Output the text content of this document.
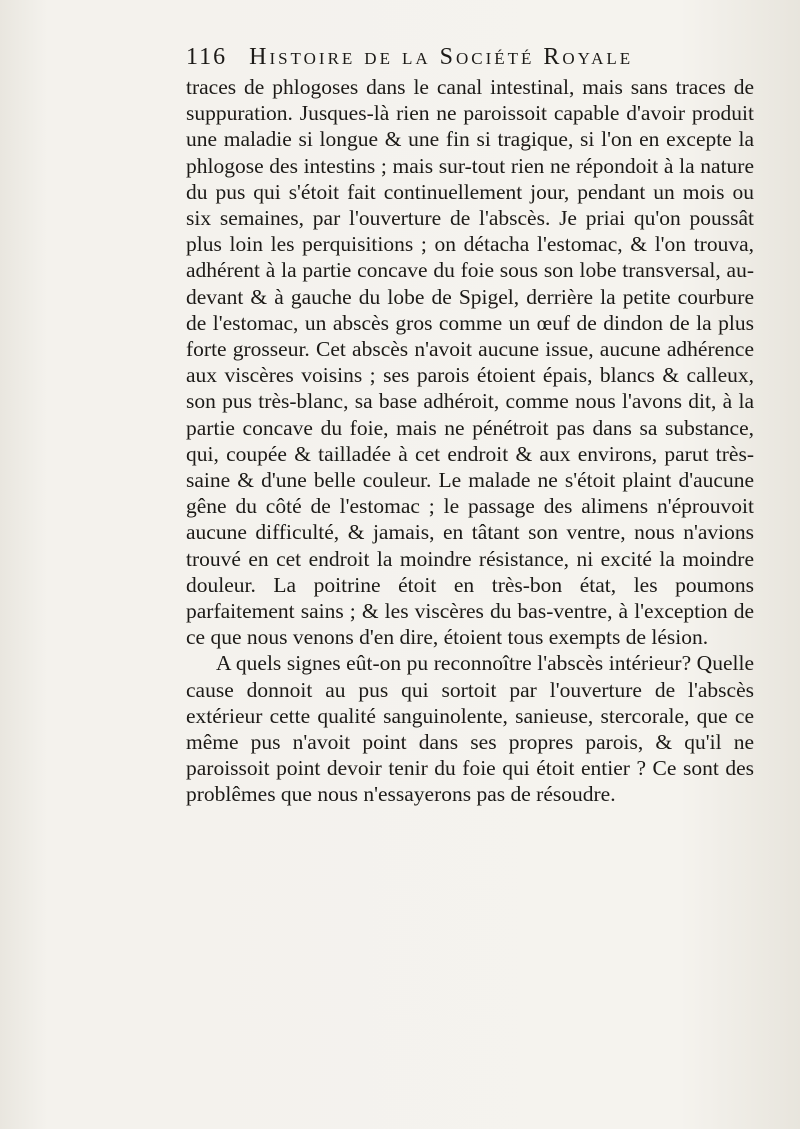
116 Histoire de la Société Royale

traces de phlogoses dans le canal intestinal, mais sans traces de suppuration. Jusques-là rien ne paroissoit capable d'avoir produit une maladie si longue & une fin si tragique, si l'on en excepte la phlogose des intestins ; mais sur-tout rien ne répondoit à la nature du pus qui s'étoit fait continuellement jour, pendant un mois ou six semaines, par l'ouverture de l'abscès. Je priai qu'on poussât plus loin les perquisitions ; on détacha l'estomac, & l'on trouva, adhérent à la partie concave du foie sous son lobe transversal, au-devant & à gauche du lobe de Spigel, derrière la petite courbure de l'estomac, un abscès gros comme un œuf de dindon de la plus forte grosseur. Cet abscès n'avoit aucune issue, aucune adhérence aux viscères voisins ; ses parois étoient épais, blancs & calleux, son pus très-blanc, sa base adhéroit, comme nous l'avons dit, à la partie concave du foie, mais ne pénétroit pas dans sa substance, qui, coupée & tailladée à cet endroit & aux environs, parut très-saine & d'une belle couleur. Le malade ne s'étoit plaint d'aucune gêne du côté de l'estomac ; le passage des alimens n'éprouvoit aucune difficulté, & jamais, en tâtant son ventre, nous n'avions trouvé en cet endroit la moindre résistance, ni excité la moindre douleur. La poitrine étoit en très-bon état, les poumons parfaitement sains ; & les viscères du bas-ventre, à l'exception de ce que nous venons d'en dire, étoient tous exempts de lésion.

A quels signes eût-on pu reconnoître l'abscès intérieur? Quelle cause donnoit au pus qui sortoit par l'ouverture de l'abscès extérieur cette qualité sanguinolente, sanieuse, stercorale, que ce même pus n'avoit point dans ses propres parois, & qu'il ne paroissoit point devoir tenir du foie qui étoit entier ? Ce sont des problêmes que nous n'essayerons pas de résoudre.
